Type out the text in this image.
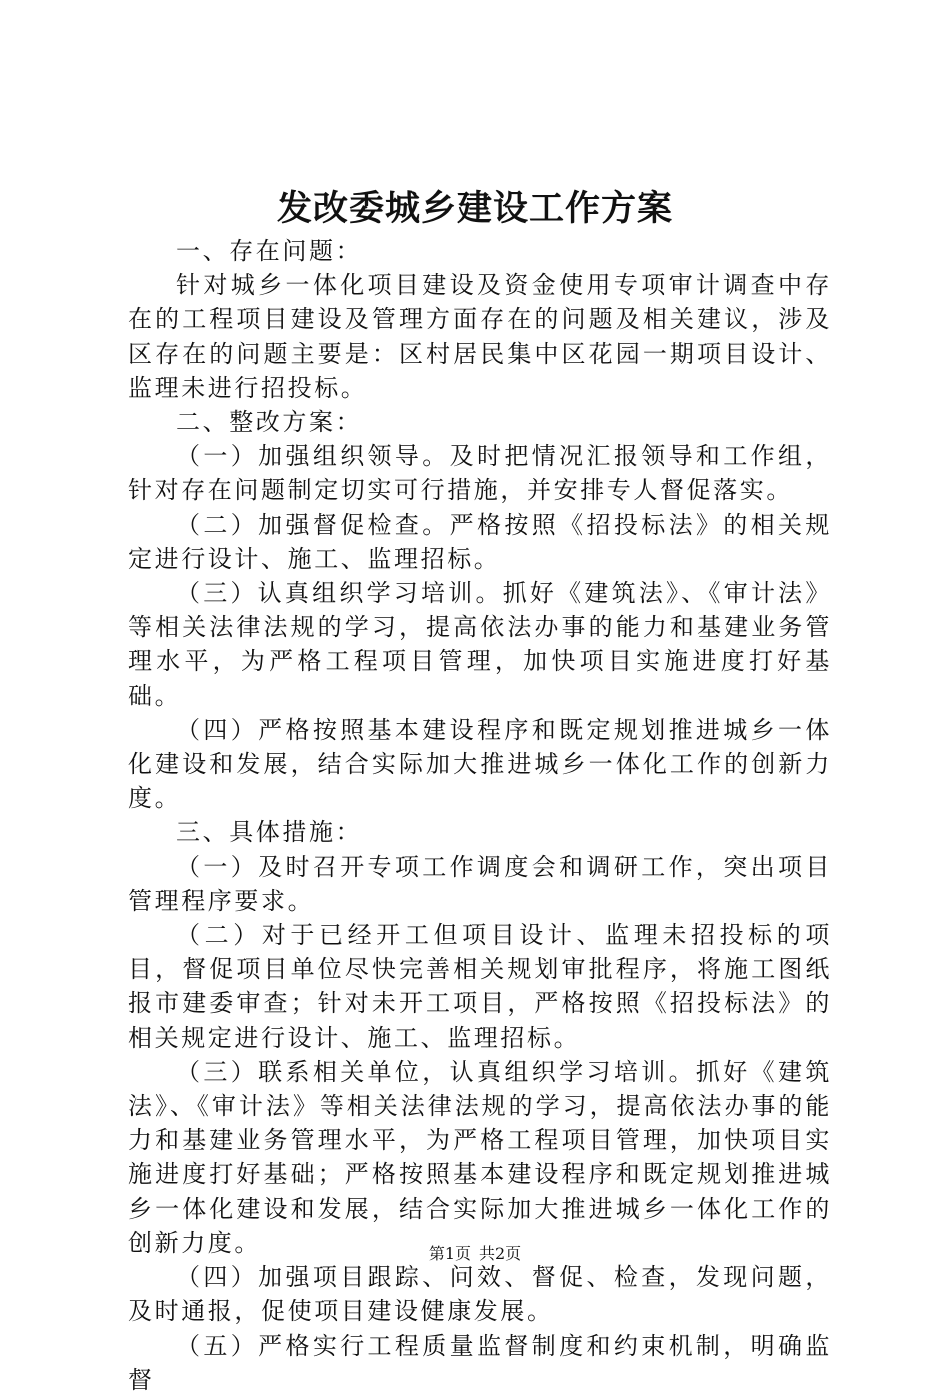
发改委城乡建设工作方案

一、存在问题：

针对城乡一体化项目建设及资金使用专项审计调查中存在的工程项目建设及管理方面存在的问题及相关建议，涉及区存在的问题主要是：区村居民集中区花园一期项目设计、监理未进行招投标。

二、整改方案：

（一）加强组织领导。及时把情况汇报领导和工作组，针对存在问题制定切实可行措施，并安排专人督促落实。

（二）加强督促检查。严格按照《招投标法》的相关规定进行设计、施工、监理招标。

（三）认真组织学习培训。抓好《建筑法》、《审计法》等相关法律法规的学习，提高依法办事的能力和基建业务管理水平，为严格工程项目管理，加快项目实施进度打好基础。

（四）严格按照基本建设程序和既定规划推进城乡一体化建设和发展，结合实际加大推进城乡一体化工作的创新力度。

三、具体措施：

（一）及时召开专项工作调度会和调研工作，突出项目管理程序要求。

（二）对于已经开工但项目设计、监理未招投标的项目，督促项目单位尽快完善相关规划审批程序，将施工图纸报市建委审查；针对未开工项目，严格按照《招投标法》的相关规定进行设计、施工、监理招标。

（三）联系相关单位，认真组织学习培训。抓好《建筑法》、《审计法》等相关法律法规的学习，提高依法办事的能力和基建业务管理水平，为严格工程项目管理，加快项目实施进度打好基础；严格按照基本建设程序和既定规划推进城乡一体化建设和发展，结合实际加大推进城乡一体化工作的创新力度。

（四）加强项目跟踪、问效、督促、检查，发现问题，及时通报，促使项目建设健康发展。

（五）严格实行工程质量监督制度和约束机制，明确监督

第1页 共2页
